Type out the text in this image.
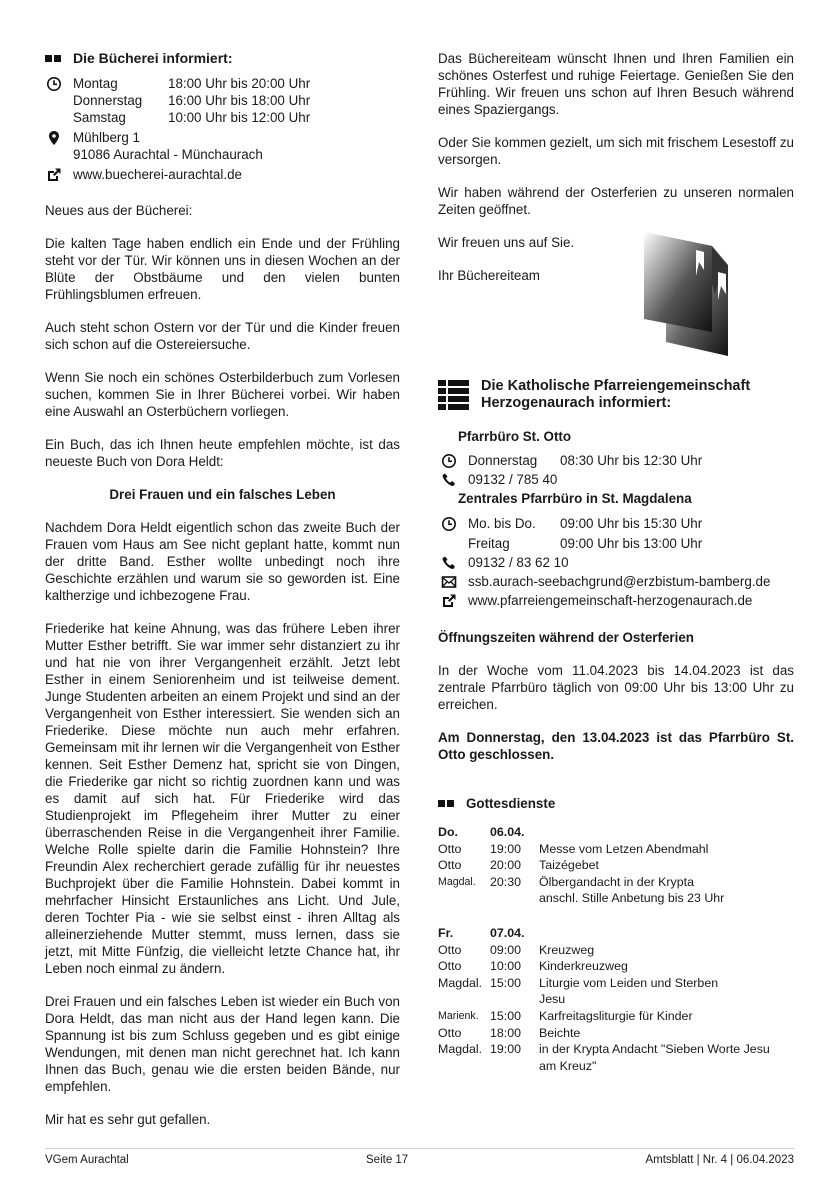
Die Bücherei informiert:
Montag	18:00 Uhr bis 20:00 Uhr
Donnerstag 16:00 Uhr bis 18:00 Uhr
Samstag	10:00 Uhr bis 12:00 Uhr
Mühlberg 1
91086 Aurachtal - Münchaurach
www.buecherei-aurachtal.de

Neues aus der Bücherei:

Die kalten Tage haben endlich ein Ende und der Frühling steht vor der Tür. Wir können uns in diesen Wochen an der Blüte der Obstbäume und den vielen bunten Frühlingsblumen erfreuen.

Auch steht schon Ostern vor der Tür und die Kinder freuen sich schon auf die Ostereiersuche.

Wenn Sie noch ein schönes Osterbilderbuch zum Vorlesen suchen, kommen Sie in Ihrer Bücherei vorbei. Wir haben eine Auswahl an Osterbüchern vorliegen.

Ein Buch, das ich Ihnen heute empfehlen möchte, ist das neueste Buch von Dora Heldt:

Drei Frauen und ein falsches Leben

Nachdem Dora Heldt eigentlich schon das zweite Buch der Frauen vom Haus am See nicht geplant hatte, kommt nun der dritte Band. Esther wollte unbedingt noch ihre Geschichte erzählen und warum sie so geworden ist. Eine kaltherzige und ichbezogene Frau.

Friederike hat keine Ahnung, was das frühere Leben ihrer Mutter Esther betrifft. Sie war immer sehr distanziert zu ihr und hat nie von ihrer Vergangenheit erzählt. Jetzt lebt Esther in einem Seniorenheim und ist teilweise dement. Junge Studenten arbeiten an einem Projekt und sind an der Vergangenheit von Esther interessiert. Sie wenden sich an Friederike. Diese möchte nun auch mehr erfahren. Gemeinsam mit ihr lernen wir die Vergangenheit von Esther kennen. Seit Esther Demenz hat, spricht sie von Dingen, die Friederike gar nicht so richtig zuordnen kann und was es damit auf sich hat. Für Friederike wird das Studienprojekt im Pflegeheim ihrer Mutter zu einer überraschenden Reise in die Vergangenheit ihrer Familie. Welche Rolle spielte darin die Familie Hohnstein? Ihre Freundin Alex recherchiert gerade zufällig für ihr neuestes Buchprojekt über die Familie Hohnstein. Dabei kommt in mehrfacher Hinsicht Erstaunliches ans Licht. Und Jule, deren Tochter Pia - wie sie selbst einst - ihren Alltag als alleinerziehende Mutter stemmt, muss lernen, dass sie jetzt, mit Mitte Fünfzig, die vielleicht letzte Chance hat, ihr Leben noch einmal zu ändern.

Drei Frauen und ein falsches Leben ist wieder ein Buch von Dora Heldt, das man nicht aus der Hand legen kann. Die Spannung ist bis zum Schluss gegeben und es gibt einige Wendungen, mit denen man nicht gerechnet hat. Ich kann Ihnen das Buch, genau wie die ersten beiden Bände, nur empfehlen.

Mir hat es sehr gut gefallen.

Das Büchereiteam wünscht Ihnen und Ihren Familien ein schönes Osterfest und ruhige Feiertage. Genießen Sie den Frühling. Wir freuen uns schon auf Ihren Besuch während eines Spaziergangs.

Oder Sie kommen gezielt, um sich mit frischem Lesestoff zu versorgen.

Wir haben während der Osterferien zu unseren normalen Zeiten geöffnet.

Wir freuen uns auf Sie.

Ihr Büchereiteam

Die Katholische Pfarreiengemeinschaft
Herzogenaurach informiert:
Pfarrbüro St. Otto
Donnerstag	08:30 Uhr bis 12:30 Uhr
09132 / 785 40
Zentrales Pfarrbüro in St. Magdalena
Mo. bis Do. 09:00 Uhr bis 15:30 Uhr
Freitag	09:00 Uhr bis 13:00 Uhr
09132 / 83 62 10
ssb.aurach-seebachgrund@erzbistum-bamberg.de
www.pfarreiengemeinschaft-herzogenaurach.de
Öffnungszeiten während der Osterferien

In der Woche vom 11.04.2023 bis 14.04.2023 ist das zentrale Pfarrbüro täglich von 09:00 Uhr bis 13:00 Uhr zu erreichen.

Am Donnerstag, den 13.04.2023 ist das Pfarrbüro St. Otto geschlossen.

Gottesdienste
Do.	06.04.	
Otto	19:00	Messe vom Letzen Abendmahl
Otto	20:00	Taizégebet
Magdal.	20:30	Ölbergandacht in der Krypta
		anschl. Stille Anbetung bis 23 Uhr
Fr.	07.04.	
Otto	09:00	Kreuzweg
Otto	10:00	Kinderkreuzweg
Magdal.	15:00	Liturgie vom Leiden und Sterben
		Jesu
Marienk.	15:00	Karfreitagsliturgie für Kinder
Otto	18:00	Beichte
Magdal.	19:00	in der Krypta Andacht "Sieben Worte Jesu
		am Kreuz"
VGem Aurachtal	Seite 17	Amtsblatt | Nr. 4 | 06.04.2023
